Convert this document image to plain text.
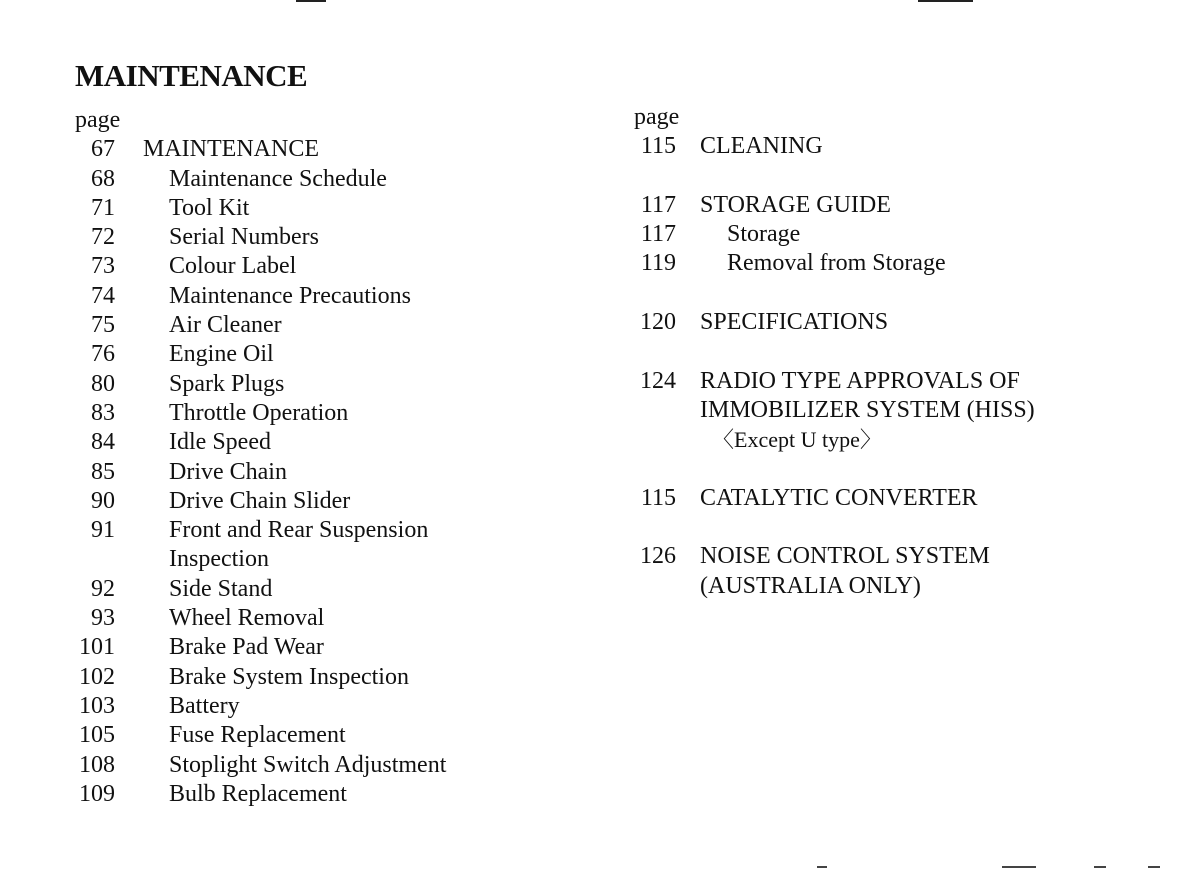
MAINTENANCE
page
67	MAINTENANCE
68	Maintenance Schedule
71	Tool Kit
72	Serial Numbers
73	Colour Label
74	Maintenance Precautions
75	Air Cleaner
76	Engine Oil
80	Spark Plugs
83	Throttle Operation
84	Idle Speed
85	Drive Chain
90	Drive Chain Slider
91	Front and Rear Suspension
Inspection
92	Side Stand
93	Wheel Removal
101	Brake Pad Wear
102	Brake System Inspection
103	Battery
105	Fuse Replacement
108	Stoplight Switch Adjustment
109	Bulb Replacement
page
115	CLEANING
117	STORAGE GUIDE
117	Storage
119	Removal from Storage
120	SPECIFICATIONS
124	RADIO TYPE APPROVALS OF
IMMOBILIZER SYSTEM (HISS)
〈Except U type〉
115	CATALYTIC CONVERTER
126	NOISE CONTROL SYSTEM
(AUSTRALIA ONLY)
